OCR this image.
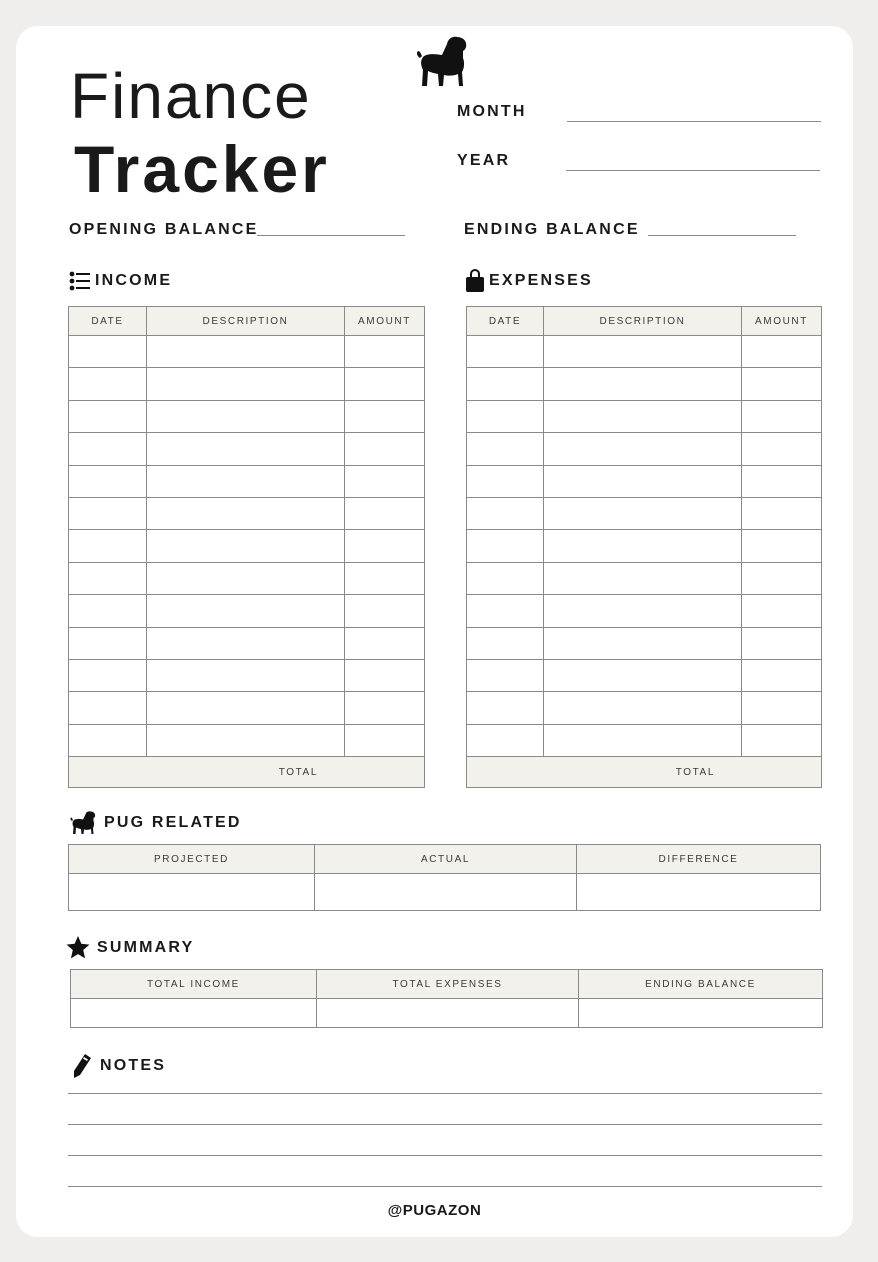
Finance
Tracker
MONTH
YEAR
OPENING BALANCE	ENDING BALANCE
INCOME	EXPENSES
DATE	DESCRIPTION	AMOUNT

TOTAL		
DATE	DESCRIPTION	AMOUNT

TOTAL		
PUG RELATED
PROJECTED	ACTUAL	DIFFERENCE

SUMMARY
TOTAL INCOME	TOTAL EXPENSES	ENDING BALANCE

NOTES
@PUGAZON
